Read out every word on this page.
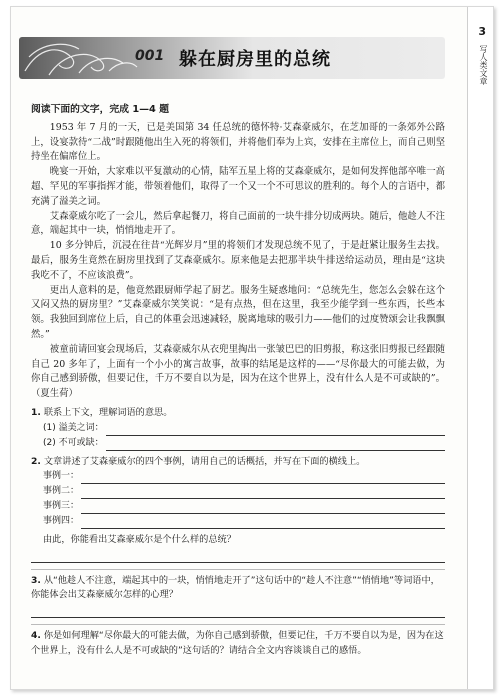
3
写人类文章
001 躲在厨房里的总统
阅读下面的文字，完成 1—4 题

1953 年 7 月的一天，已是美国第 34 任总统的德怀特·艾森豪威尔，在芝加哥的一条郊外公路上，设宴款待“二战”时跟随他出生入死的将领们，并将他们奉为上宾，安排在主席位上，而自己则坚持坐在偏席位上。

晚宴一开始，大家难以平复激动的心情，陆军五星上将的艾森豪威尔，是如何发挥他部卒唯一高超、罕见的军事指挥才能，带领着他们，取得了一个又一个不可思议的胜利的。每个人的言语中，都充满了溢美之词。

艾森豪威尔吃了一会儿，然后拿起餐刀，将自己面前的一块牛排分切成两块。随后，他趁人不注意，端起其中一块，悄悄地走开了。

10 多分钟后，沉浸在往昔“光辉岁月”里的将领们才发现总统不见了，于是赶紧让服务生去找。最后，服务生竟然在厨房里找到了艾森豪威尔。原来他是去把那半块牛排送给运动员，理由是“这块我吃不了，不应该浪费”。

更出人意料的是，他竟然跟厨师学起了厨艺。服务生疑惑地问：“总统先生，您怎么会躲在这个又闷又热的厨房里？”艾森豪威尔笑笑说：“是有点热，但在这里，我至少能学到一些东西，长些本领。我独回到席位上后，自己的体重会迅速减轻，脱离地球的吸引力——他们的过度赞颂会让我飘飘然。”

被童前请回宴会现场后，艾森豪威尔从衣兜里掏出一张皱巴巴的旧剪报，称这张旧剪报已经跟随自己 20 多年了，上面有一个小小的寓言故事，故事的结尾是这样的——“尽你最大的可能去做，为你自己感到骄傲，但要记住，千万不要自以为是，因为在这个世界上，没有什么人是不可或缺的”。（夏生荷）

1. 联系上下文，理解词语的意思。
(1) 溢美之词：
(2) 不可或缺：
2. 文章讲述了艾森豪威尔的四个事例，请用自己的话概括，并写在下面的横线上。
事例一：
事例二：
事例三：
事例四：
由此，你能看出艾森豪威尔是个什么样的总统？
3. 从“他趁人不注意，端起其中的一块，悄悄地走开了”这句话中的“趁人不注意”“悄悄地”等词语中，你能体会出艾森豪威尔怎样的心理？
4. 你是如何理解“尽你最大的可能去做，为你自己感到骄傲，但要记住，千万不要自以为是，因为在这个世界上，没有什么人是不可或缺的”这句话的？请结合全文内容谈谈自己的感悟。
